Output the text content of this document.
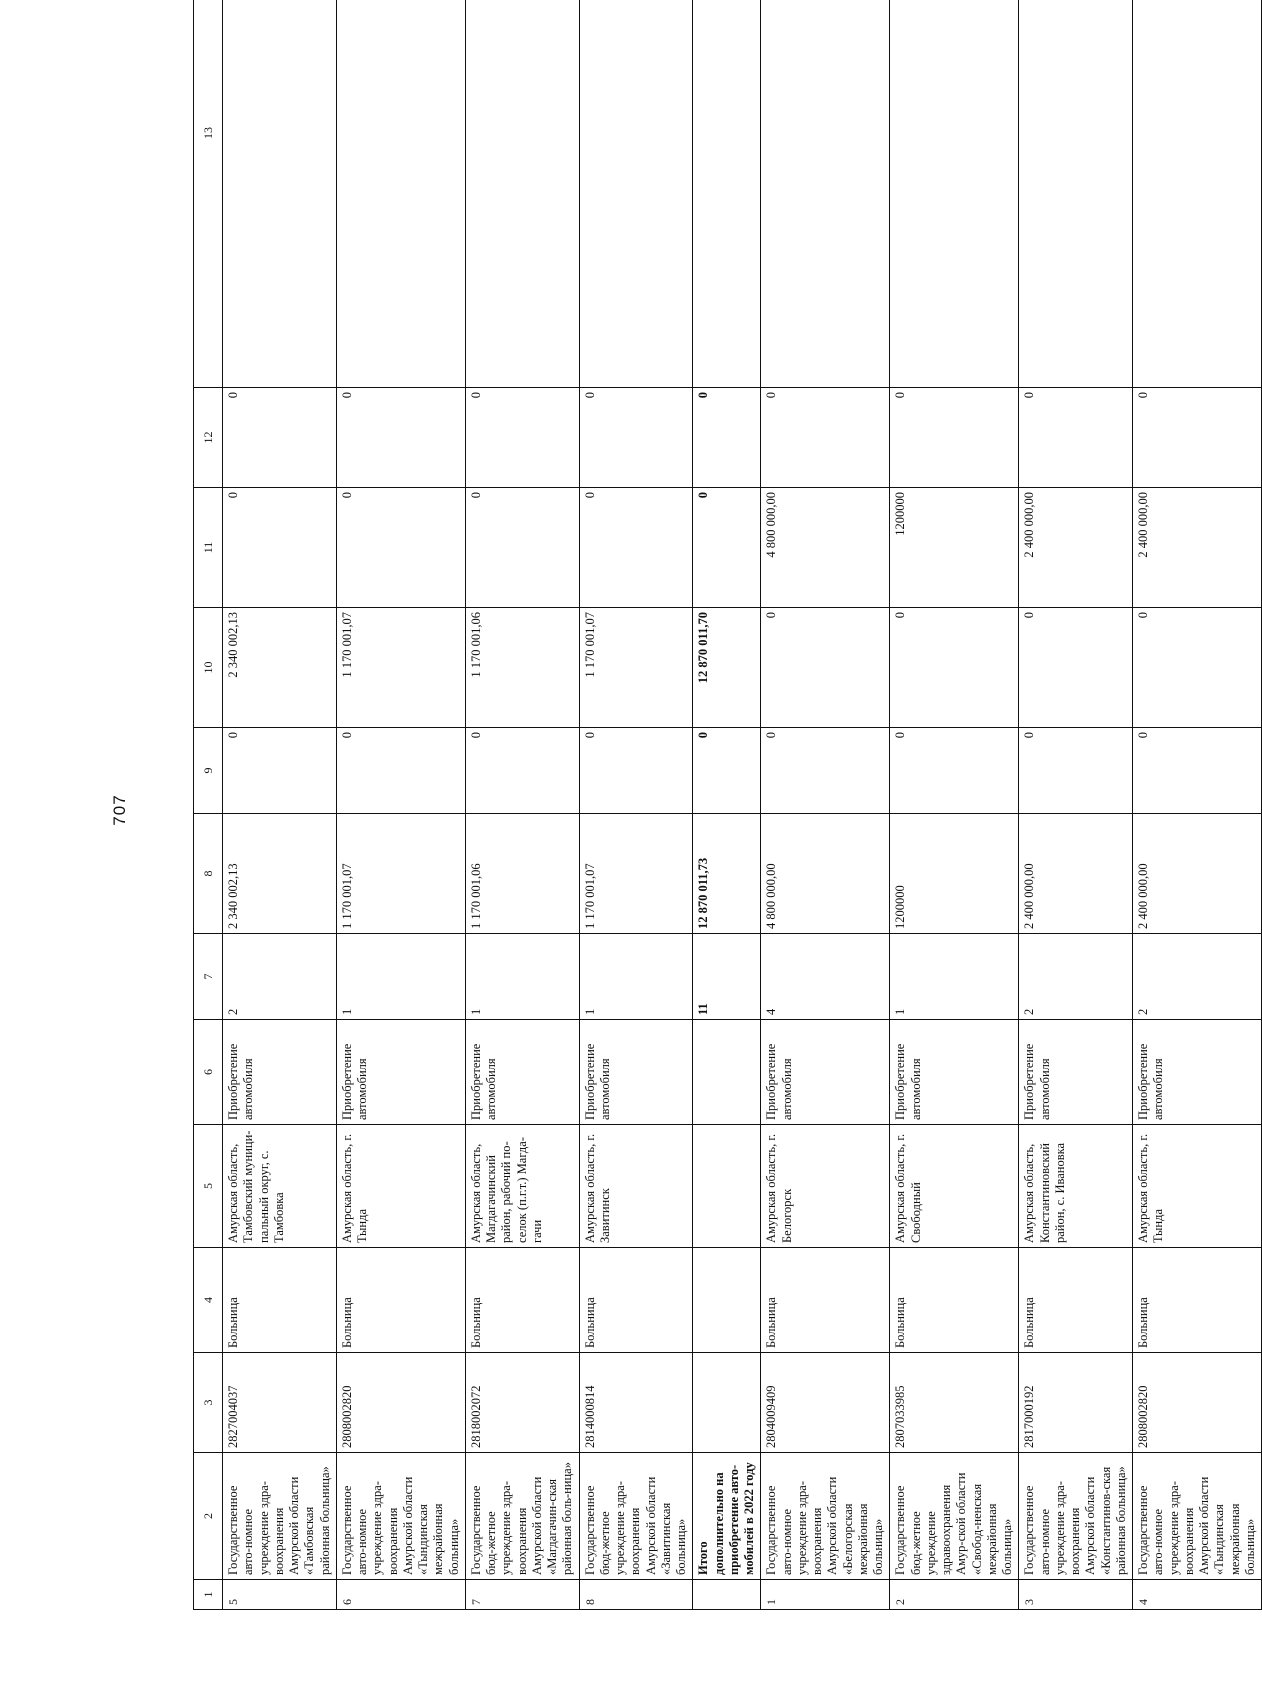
707
1	2	3	4	5	6	7	8	9	10	11	12	13
5	Государственное авто-номное учреждение здра-воохранения Амурской области «Тамбовская районная больница»	2827004037	Больница	Амурская область, Тамбовский муници-пальный округ, с. Тамбовка	Приобретение автомобиля	2	2 340 002,13	0	2 340 002,13	0	0	
6	Государственное авто-номное учреждение здра-воохранения Амурской области «Тындинская межрайонная больница»	2808002820	Больница	Амурская область, г. Тында	Приобретение автомобиля	1	1 170 001,07	0	1 170 001,07	0	0	
7	Государственное бюд-жетное учреждение здра-воохранения Амурской области «Магдагачин-ская районная боль-ница»	2818002072	Больница	Амурская область, Магдагачинский район, рабочий по-селок (п.г.т.) Магда-гачи	Приобретение автомобиля	1	1 170 001,06	0	1 170 001,06	0	0	
8	Государственное бюд-жетное учреждение здра-воохранения Амурской области «Завитинская больница»	2814000814	Больница	Амурская область, г. Завитинск	Приобретение автомобиля	1	1 170 001,07	0	1 170 001,07	0	0	
	Итого дополнительно на приобретение авто-мобилей в 2022 году					11	12 870 011,73	0	12 870 011,70	0	0	
1	Государственное авто-номное учреждение здра-воохранения Амурской области «Белогорская межрайонная больница»	2804009409	Больница	Амурская область, г. Белогорск	Приобретение автомобиля	4	4 800 000,00	0	0	4 800 000,00	0	
2	Государственное бюд-жетное учреждение здравоохранения Амур-ской области «Свобод-ненская межрайонная больница»	2807033985	Больница	Амурская область, г. Свободный	Приобретение автомобиля	1	1200000	0	0	1200000	0	
3	Государственное авто-номное учреждение здра-воохранения Амурской области «Константинов-ская районная больница»	2817000192	Больница	Амурская область, Константиновский район, с. Ивановка	Приобретение автомобиля	2	2 400 000,00	0	0	2 400 000,00	0	
4	Государственное авто-номное учреждение здра-воохранения Амурской области «Тындинская межрайонная больница»	2808002820	Больница	Амурская область, г. Тында	Приобретение автомобиля	2	2 400 000,00	0	0	2 400 000,00	0	
